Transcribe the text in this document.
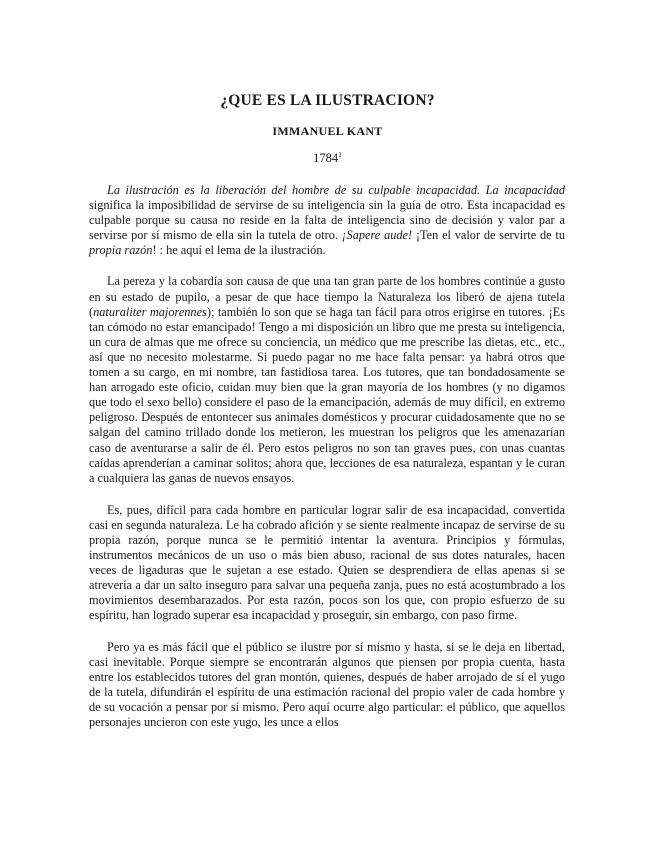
¿QUE ES LA ILUSTRACION?
IMMANUEL KANT
1784$^1$

La ilustración es la liberación del hombre de su culpable incapacidad. La incapacidad significa la imposibilidad de servirse de su inteligencia sin la guía de otro. Esta incapacidad es culpable porque su causa no reside en la falta de inteligencia sino de decisión y valor par a servirse por sí mismo de ella sin la tutela de otro. ¡Sapere aude! ¡Ten el valor de servirte de tu propia razón! : he aquí el lema de la ilustración.

La pereza y la cobardía son causa de que una tan gran parte de los hombres continúe a gusto en su estado de pupilo, a pesar de que hace tiempo la Naturaleza los liberó de ajena tutela (naturaliter majorennes); también lo son que se haga tan fácil para otros erigirse en tutores. ¡Es tan cómodo no estar emancipado! Tengo a mi disposición un libro que me presta su inteligencia, un cura de almas que me ofrece su conciencia, un médico que me prescribe las dietas, etc., etc., así que no necesito molestarme. Si puedo pagar no me hace falta pensar: ya habrá otros que tomen a su cargo, en mi nombre, tan fastidiosa tarea. Los tutores, que tan bondadosamente se han arrogado este oficio, cuidan muy bien que la gran mayoría de los hombres (y no digamos que todo el sexo bello) considere el paso de la emancipación, además de muy difícil, en extremo peligroso. Después de entontecer sus animales domésticos y procurar cuidadosamente que no se salgan del camino trillado donde los metieron, les muestran los peligros que les amenazarían caso de aventurarse a salir de él. Pero estos peligros no son tan graves pues, con unas cuantas caídas aprenderían a caminar solitos; ahora que, lecciones de esa naturaleza, espantan y le curan a cualquiera las ganas de nuevos ensayos.

Es, pues, difícil para cada hombre en particular lograr salir de esa incapacidad, convertida casi en segunda naturaleza. Le ha cobrado afición y se siente realmente incapaz de servirse de su propia razón, porque nunca se le permitió intentar la aventura. Principios y fórmulas, instrumentos mecánicos de un uso o más bien abuso, racional de sus dotes naturales, hacen veces de ligaduras que le sujetan a ese estado. Quien se desprendiera de ellas apenas si se atrevería a dar un salto inseguro para salvar una pequeña zanja, pues no está acostumbrado a los movimientos desembarazados. Por esta razón, pocos son los que, con propio esfuerzo de su espíritu, han logrado superar esa incapacidad y proseguir, sin embargo, con paso firme.

Pero ya es más fácil que el público se ilustre por sí mismo y hasta, si se le deja en libertad, casi inevitable. Porque siempre se encontrarán algunos que piensen por propia cuenta, hasta entre los establecidos tutores del gran montón, quienes, después de haber arrojado de sí el yugo de la tutela, difundirán el espíritu de una estimación racional del propio valer de cada hombre y de su vocación a pensar por sí mismo. Pero aquí ocurre algo particular: el público, que aquellos personajes uncieron con este yugo, les unce a ellos
